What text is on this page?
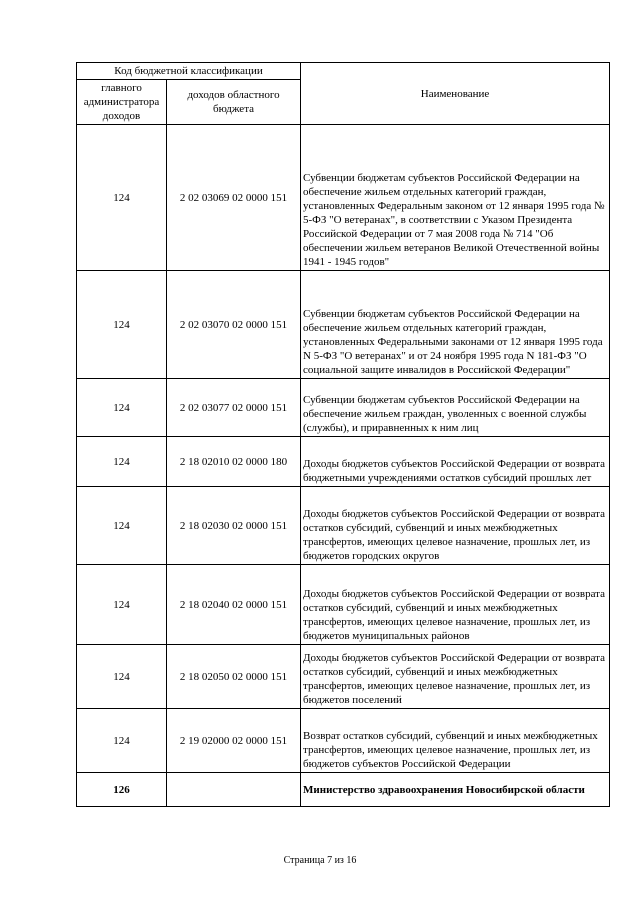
Код бюджетной классификации		Наименование
главного администратора доходов	доходов областного бюджета	
124	2 02 03069 02 0000 151	Субвенции бюджетам субъектов Российской Федерации на обеспечение жильем отдельных категорий граждан, установленных Федеральным законом от 12 января 1995 года № 5-ФЗ "О ветеранах", в соответствии с Указом Президента Российской Федерации от 7 мая 2008 года № 714 "Об обеспечении жильем ветеранов Великой Отечественной войны 1941 - 1945 годов"
124	2 02 03070 02 0000 151	Субвенции бюджетам субъектов Российской Федерации на обеспечение жильем отдельных категорий граждан, установленных Федеральными законами от 12 января 1995 года N 5-ФЗ "О ветеранах" и от 24 ноября 1995 года N 181-ФЗ "О социальной защите инвалидов в Российской Федерации"
124	2 02 03077 02 0000 151	Субвенции бюджетам субъектов Российской Федерации на обеспечение жильем граждан, уволенных с военной службы (службы), и приравненных к ним лиц
124	2 18 02010 02 0000 180	Доходы бюджетов субъектов Российской Федерации от возврата бюджетными учреждениями остатков субсидий прошлых лет
124	2 18 02030 02 0000 151	Доходы бюджетов субъектов Российской Федерации от возврата остатков субсидий, субвенций и иных межбюджетных трансфертов, имеющих целевое назначение, прошлых лет, из бюджетов городских округов
124	2 18 02040 02 0000 151	Доходы бюджетов субъектов Российской Федерации от возврата остатков субсидий, субвенций и иных межбюджетных трансфертов, имеющих целевое назначение, прошлых лет, из бюджетов муниципальных районов
124	2 18 02050 02 0000 151	Доходы бюджетов субъектов Российской Федерации от возврата остатков субсидий, субвенций и иных межбюджетных трансфертов, имеющих целевое назначение, прошлых лет, из бюджетов поселений
124	2 19 02000 02 0000 151	Возврат остатков субсидий, субвенций и иных межбюджетных трансфертов, имеющих целевое назначение, прошлых лет, из бюджетов субъектов Российской Федерации
126		Министерство здравоохранения Новосибирской области
Страница 7 из 16
